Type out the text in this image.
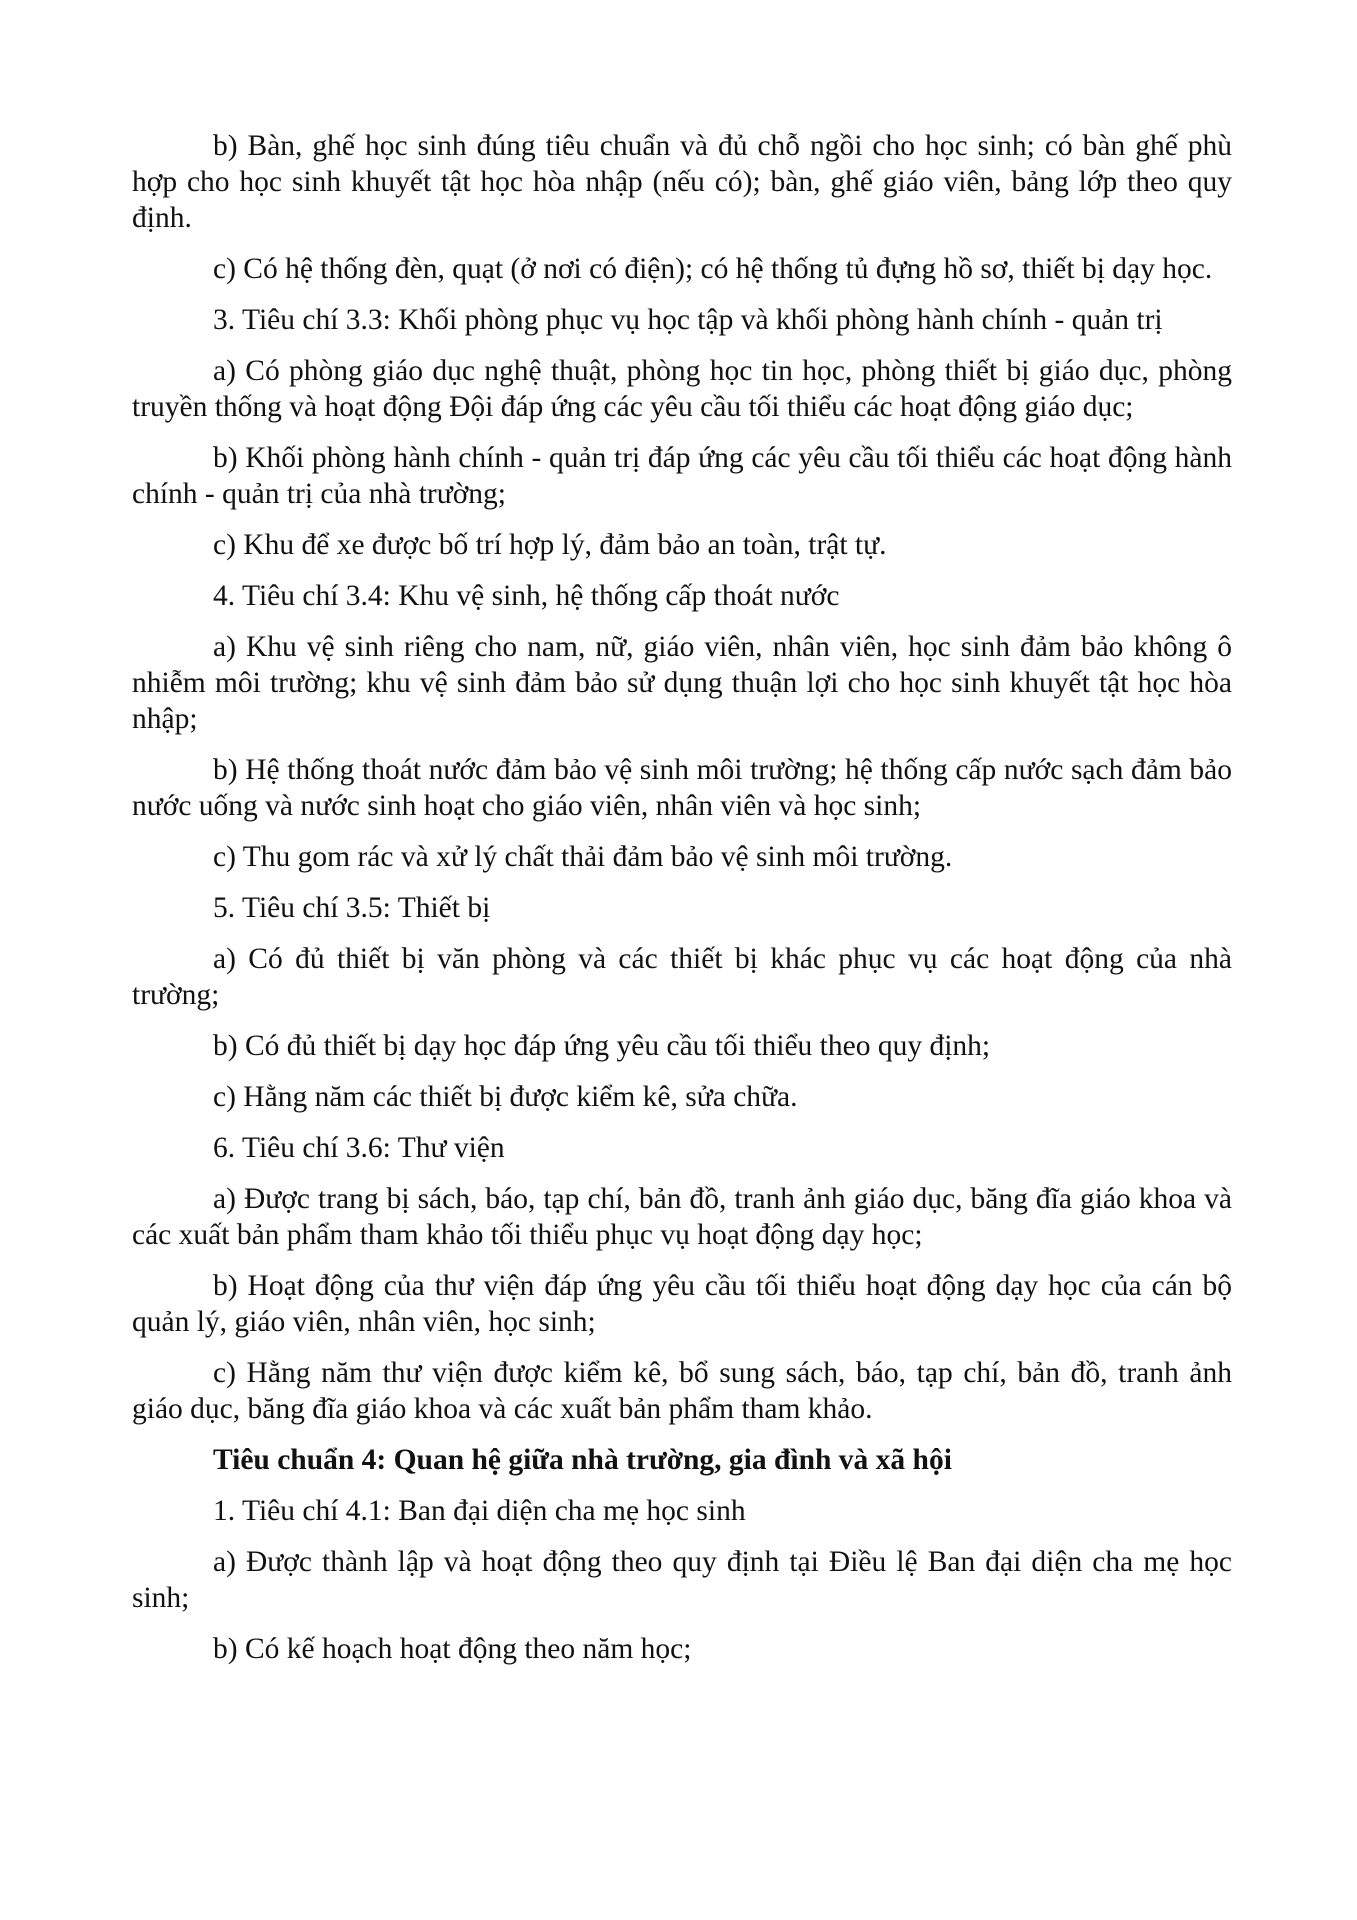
b) Bàn, ghế học sinh đúng tiêu chuẩn và đủ chỗ ngồi cho học sinh; có bàn ghế phù hợp cho học sinh khuyết tật học hòa nhập (nếu có); bàn, ghế giáo viên, bảng lớp theo quy định.

c) Có hệ thống đèn, quạt (ở nơi có điện); có hệ thống tủ đựng hồ sơ, thiết bị dạy học.

3. Tiêu chí 3.3: Khối phòng phục vụ học tập và khối phòng hành chính - quản trị

a) Có phòng giáo dục nghệ thuật, phòng học tin học, phòng thiết bị giáo dục, phòng truyền thống và hoạt động Đội đáp ứng các yêu cầu tối thiểu các hoạt động giáo dục;

b) Khối phòng hành chính - quản trị đáp ứng các yêu cầu tối thiểu các hoạt động hành chính - quản trị của nhà trường;

c) Khu để xe được bố trí hợp lý, đảm bảo an toàn, trật tự.

4. Tiêu chí 3.4: Khu vệ sinh, hệ thống cấp thoát nước

a) Khu vệ sinh riêng cho nam, nữ, giáo viên, nhân viên, học sinh đảm bảo không ô nhiễm môi trường; khu vệ sinh đảm bảo sử dụng thuận lợi cho học sinh khuyết tật học hòa nhập;

b) Hệ thống thoát nước đảm bảo vệ sinh môi trường; hệ thống cấp nước sạch đảm bảo nước uống và nước sinh hoạt cho giáo viên, nhân viên và học sinh;

c) Thu gom rác và xử lý chất thải đảm bảo vệ sinh môi trường.

5. Tiêu chí 3.5: Thiết bị

a) Có đủ thiết bị văn phòng và các thiết bị khác phục vụ các hoạt động của nhà trường;

b) Có đủ thiết bị dạy học đáp ứng yêu cầu tối thiểu theo quy định;

c) Hằng năm các thiết bị được kiểm kê, sửa chữa.

6. Tiêu chí 3.6: Thư viện

a) Được trang bị sách, báo, tạp chí, bản đồ, tranh ảnh giáo dục, băng đĩa giáo khoa và các xuất bản phẩm tham khảo tối thiểu phục vụ hoạt động dạy học;

b) Hoạt động của thư viện đáp ứng yêu cầu tối thiểu hoạt động dạy học của cán bộ quản lý, giáo viên, nhân viên, học sinh;

c) Hằng năm thư viện được kiểm kê, bổ sung sách, báo, tạp chí, bản đồ, tranh ảnh giáo dục, băng đĩa giáo khoa và các xuất bản phẩm tham khảo.

Tiêu chuẩn 4: Quan hệ giữa nhà trường, gia đình và xã hội

1. Tiêu chí 4.1: Ban đại diện cha mẹ học sinh

a) Được thành lập và hoạt động theo quy định tại Điều lệ Ban đại diện cha mẹ học sinh;

b) Có kế hoạch hoạt động theo năm học;
